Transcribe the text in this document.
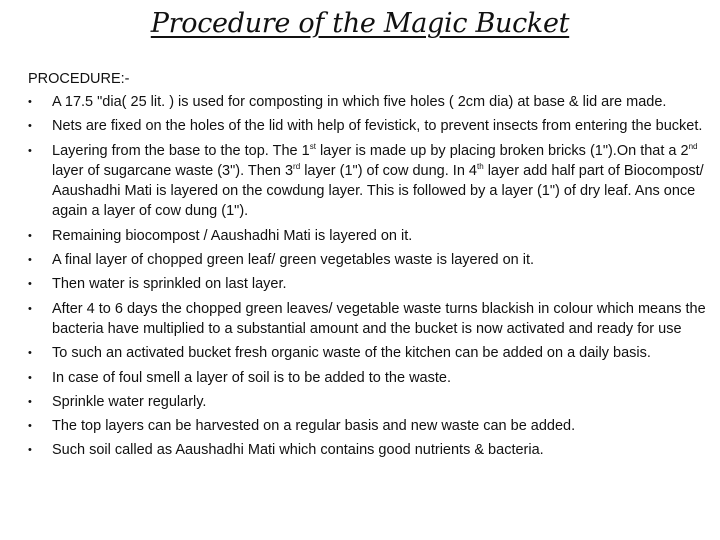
Procedure of the Magic Bucket
PROCEDURE:-
• A 17.5 "dia( 25 lit. ) is used for composting in which five holes ( 2cm dia) at base & lid are made.
• Nets are fixed on the holes of the lid with help of fevistick, to prevent insects from entering the bucket.
• Layering from the base to the top. The 1st layer is made up by placing broken bricks (1").On that a 2nd layer of sugarcane waste (3"). Then 3rd layer (1") of cow dung. In 4th layer add half part of Biocompost/ Aaushadhi Mati is layered on the cowdung layer. This is followed by a layer (1") of dry leaf. Ans once again a layer of cow dung (1").
• Remaining biocompost / Aaushadhi Mati is layered on it.
• A final layer of chopped green leaf/ green vegetables waste is layered on it.
• Then water is sprinkled on last layer.
• After 4 to 6 days the chopped green leaves/ vegetable waste turns blackish in colour which means the bacteria have multiplied to a substantial amount and the bucket is now activated and ready for use
• To such an activated bucket fresh organic waste of the kitchen can be added on a daily basis.
• In case of foul smell a layer of soil is to be added to the waste.
• Sprinkle water regularly.
• The top layers can be harvested on a regular basis and new waste can be added.
• Such soil called as Aaushadhi Mati which contains good nutrients & bacteria.
